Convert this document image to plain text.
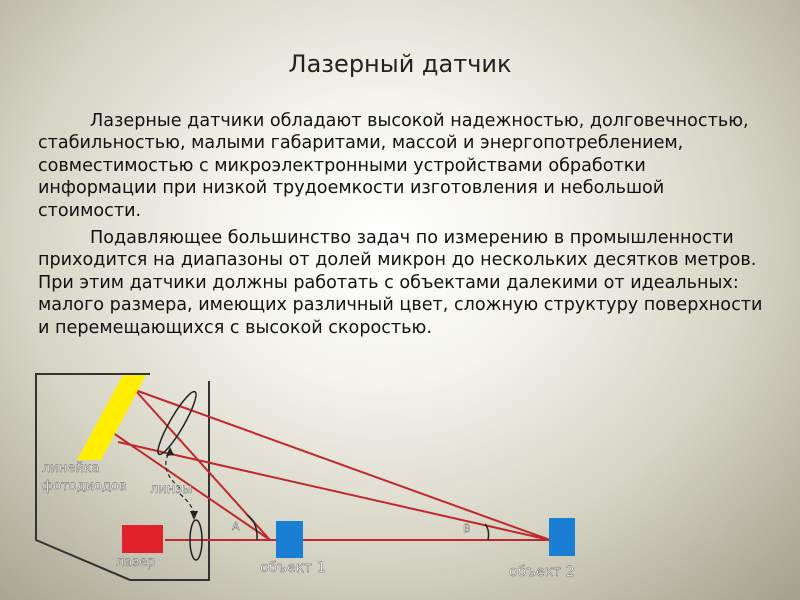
Лазерный датчик

Лазерные датчики обладают высокой надежностью, долговечностью, стабильностью, малыми габаритами, массой и энергопотреблением, совместимостью с микроэлектронными устройствами обработки информации при низкой трудоемкости изготовления и небольшой стоимости.

Подавляющее большинство задач по измерению в промышленности приходится на диапазоны от долей микрон до нескольких десятков метров. При этим датчики должны работать с объектами далекими от идеальных: малого размера, имеющих различный цвет, сложную структуру поверхности и перемещающихся с высокой скоростью.

линейка
фотодиодов линзы
лазер	объект 1	объект 2
A	B
